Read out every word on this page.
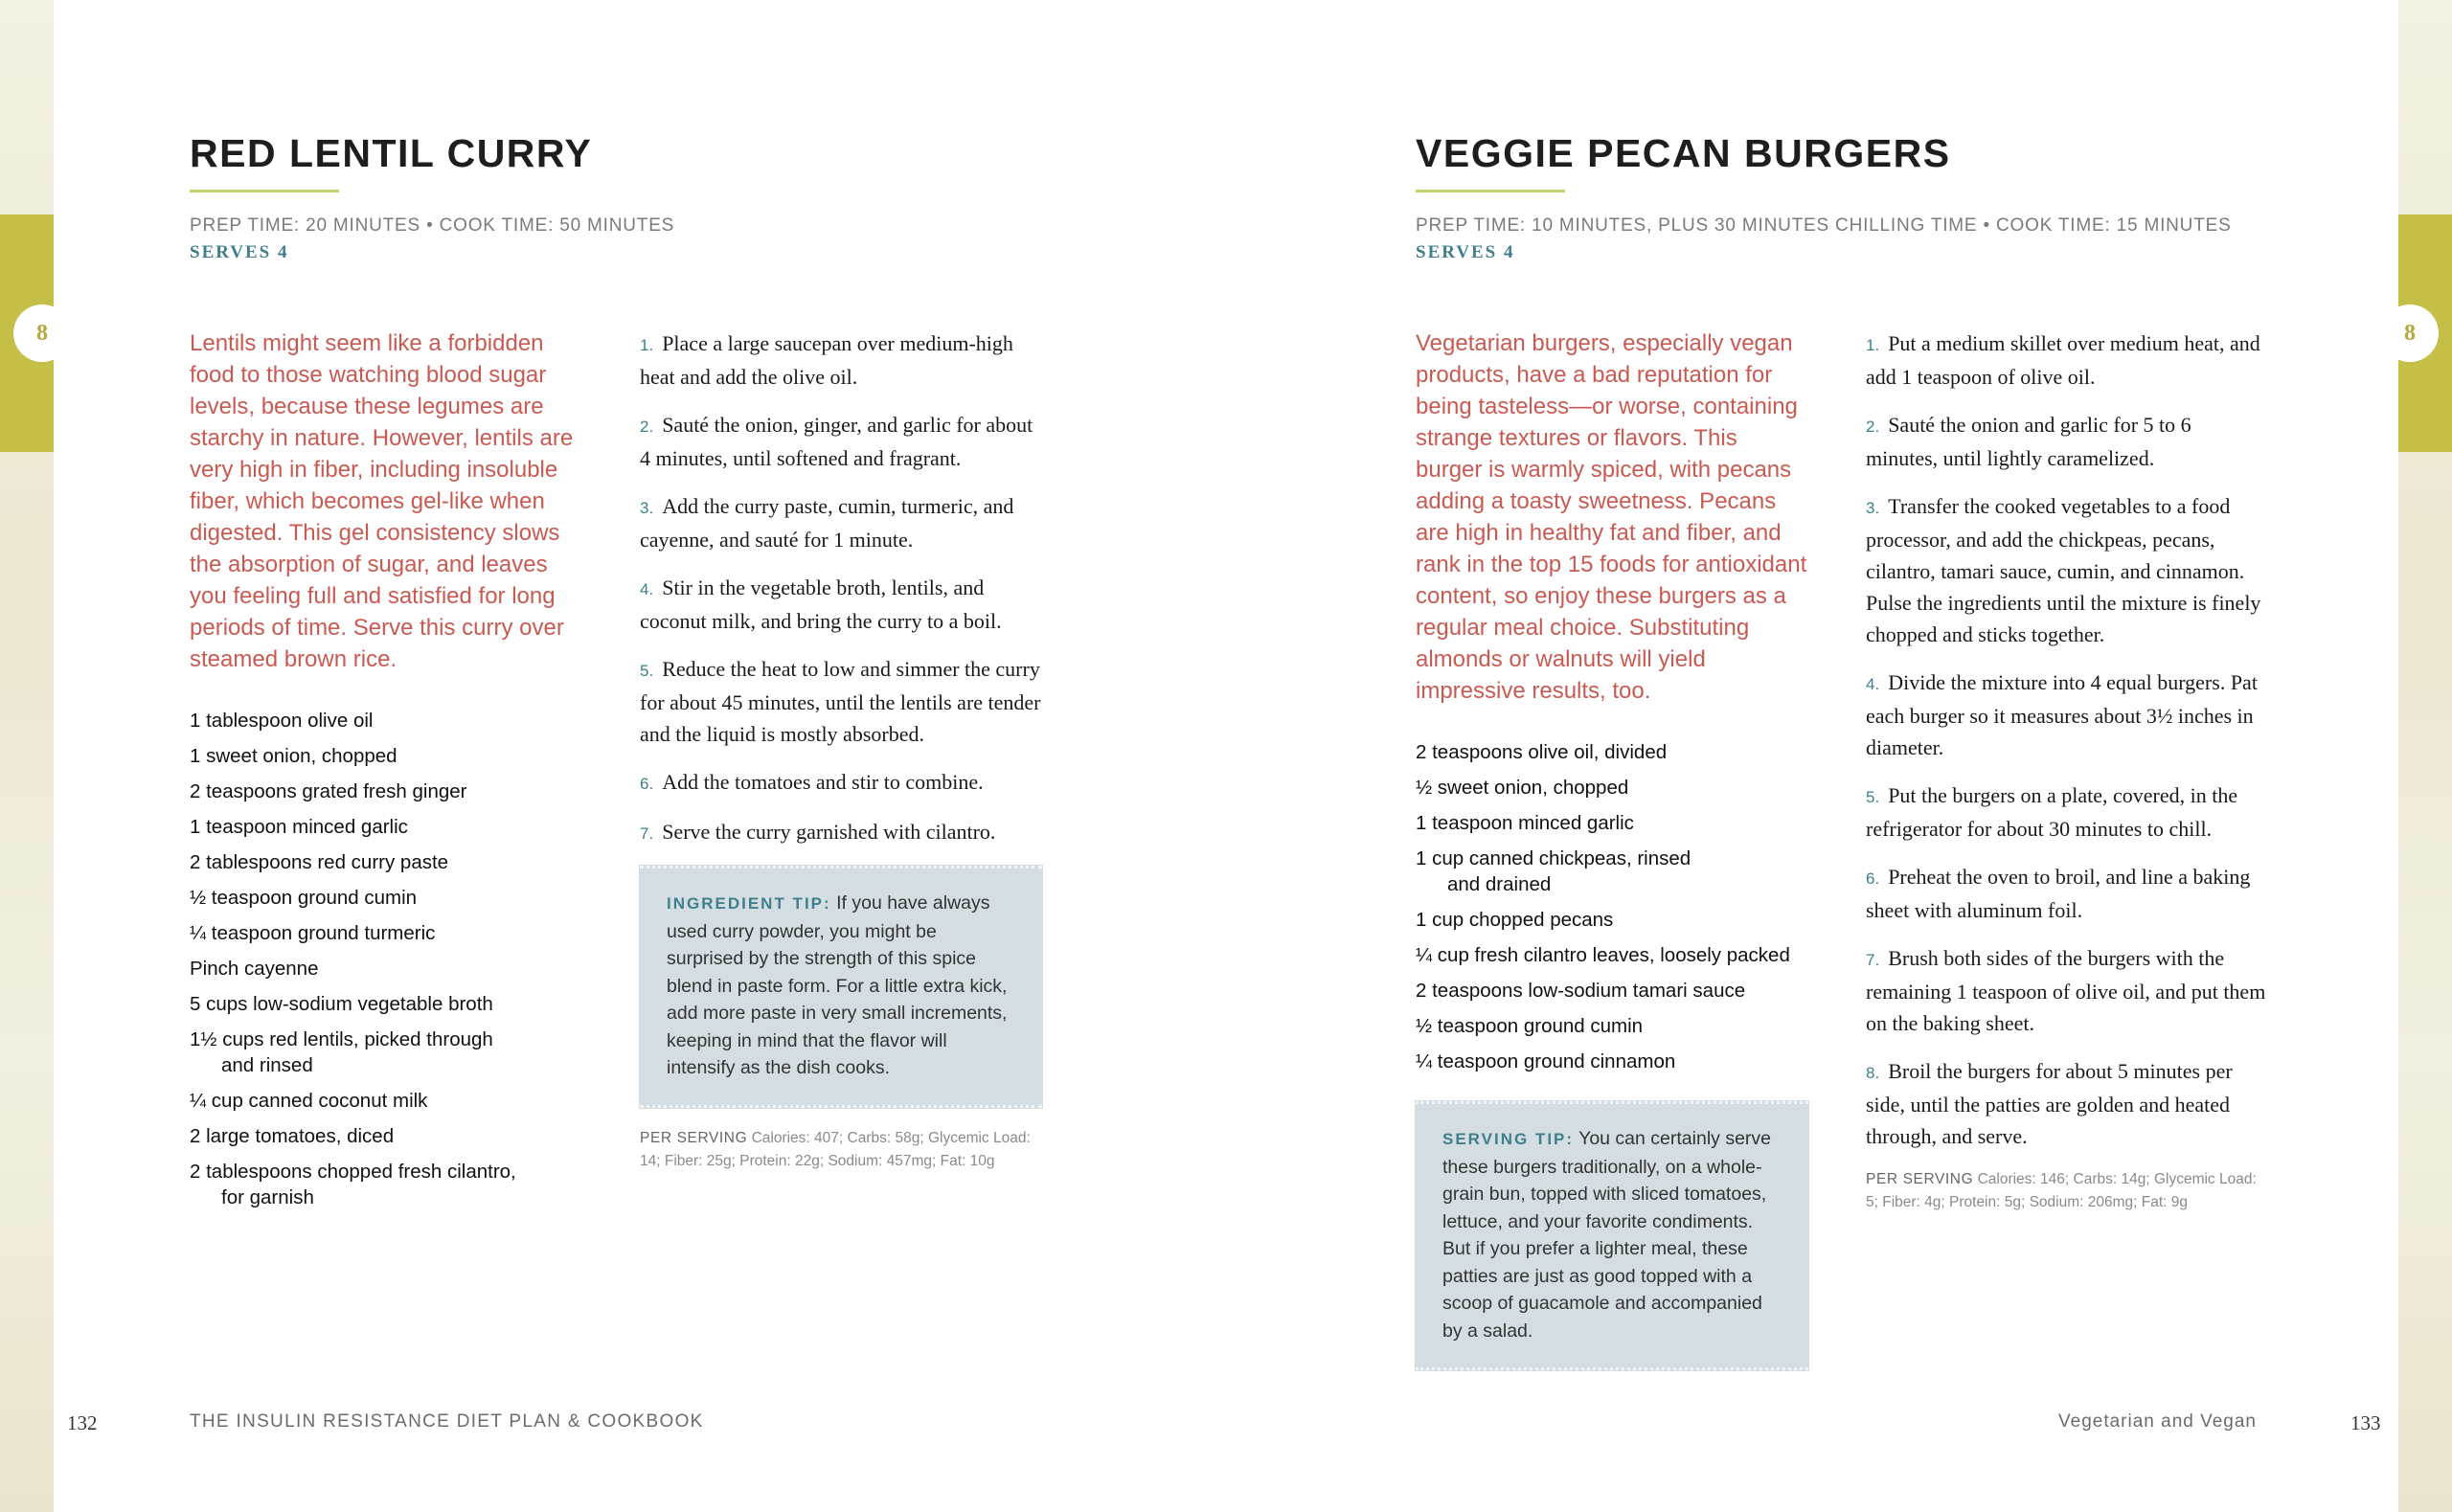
8	8
RED LENTIL CURRY
PREP TIME: 20 MINUTES • COOK TIME: 50 MINUTES
SERVES 4

Lentils might seem like a forbidden food to those watching blood sugar levels, because these legumes are starchy in nature. However, lentils are very high in fiber, including insoluble fiber, which becomes gel-like when digested. This gel consistency slows the absorption of sugar, and leaves you feeling full and satisfied for long periods of time. Serve this curry over steamed brown rice.

1 tablespoon olive oil
1 sweet onion, chopped
2 teaspoons grated fresh ginger
1 teaspoon minced garlic
2 tablespoons red curry paste
½ teaspoon ground cumin
¼ teaspoon ground turmeric
Pinch cayenne
5 cups low-sodium vegetable broth
1½ cups red lentils, picked through
and rinsed
¼ cup canned coconut milk
2 large tomatoes, diced
2 tablespoons chopped fresh cilantro,
for garnish
1. Place a large saucepan over medium-high heat and add the olive oil.
2. Sauté the onion, ginger, and garlic for about 4 minutes, until softened and fragrant.
3. Add the curry paste, cumin, turmeric, and cayenne, and sauté for 1 minute.
4. Stir in the vegetable broth, lentils, and coconut milk, and bring the curry to a boil.
5. Reduce the heat to low and simmer the curry for about 45 minutes, until the lentils are tender and the liquid is mostly absorbed.
6. Add the tomatoes and stir to combine.
7. Serve the curry garnished with cilantro.
INGREDIENT TIP: If you have always used curry powder, you might be surprised by the strength of this spice blend in paste form. For a little extra kick, add more paste in very small increments, keeping in mind that the flavor will intensify as the dish cooks.
PER SERVING Calories: 407; Carbs: 58g; Glycemic Load: 14; Fiber: 25g; Protein: 22g; Sodium: 457mg; Fat: 10g
VEGGIE PECAN BURGERS
PREP TIME: 10 MINUTES, PLUS 30 MINUTES CHILLING TIME • COOK TIME: 15 MINUTES
SERVES 4

Vegetarian burgers, especially vegan products, have a bad reputation for being tasteless—or worse, containing strange textures or flavors. This burger is warmly spiced, with pecans adding a toasty sweetness. Pecans are high in healthy fat and fiber, and rank in the top 15 foods for antioxidant content, so enjoy these burgers as a regular meal choice. Substituting almonds or walnuts will yield impressive results, too.

2 teaspoons olive oil, divided
½ sweet onion, chopped
1 teaspoon minced garlic
1 cup canned chickpeas, rinsed
and drained
1 cup chopped pecans
¼ cup fresh cilantro leaves, loosely packed
2 teaspoons low-sodium tamari sauce
½ teaspoon ground cumin
¼ teaspoon ground cinnamon
SERVING TIP: You can certainly serve these burgers traditionally, on a whole-grain bun, topped with sliced tomatoes, lettuce, and your favorite condiments. But if you prefer a lighter meal, these patties are just as good topped with a scoop of guacamole and accompanied by a salad.
1. Put a medium skillet over medium heat, and add 1 teaspoon of olive oil.
2. Sauté the onion and garlic for 5 to 6 minutes, until lightly caramelized.
3. Transfer the cooked vegetables to a food processor, and add the chickpeas, pecans, cilantro, tamari sauce, cumin, and cinnamon. Pulse the ingredients until the mixture is finely chopped and sticks together.
4. Divide the mixture into 4 equal burgers. Pat each burger so it measures about 3½ inches in diameter.
5. Put the burgers on a plate, covered, in the refrigerator for about 30 minutes to chill.
6. Preheat the oven to broil, and line a baking sheet with aluminum foil.
7. Brush both sides of the burgers with the remaining 1 teaspoon of olive oil, and put them on the baking sheet.
8. Broil the burgers for about 5 minutes per side, until the patties are golden and heated through, and serve.
PER SERVING Calories: 146; Carbs: 14g; Glycemic Load: 5; Fiber: 4g; Protein: 5g; Sodium: 206mg; Fat: 9g
132	THE INSULIN RESISTANCE DIET PLAN & COOKBOOK	Vegetarian and Vegan	133
